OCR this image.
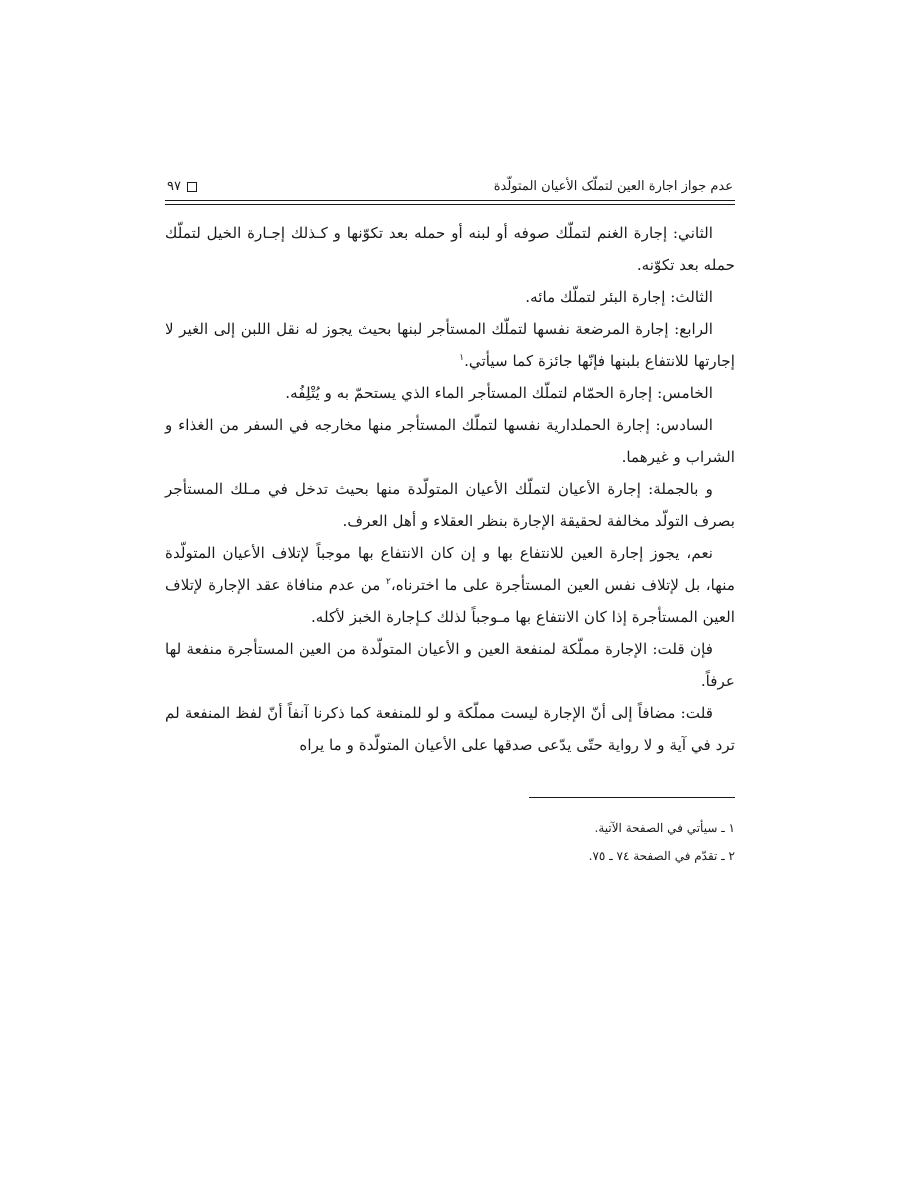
عدم جواز اجارة العين لتملّک الأعيان المتولّدة
٩٧

الثاني: إجارة الغنم لتملّك صوفه أو لبنه أو حمله بعد تكوّنها و كـذلك إجـارة الخيل لتملّك حمله بعد تكوّنه.

الثالث: إجارة البئر لتملّك مائه.

الرابع: إجارة المرضعة نفسها لتملّك المستأجر لبنها بحيث يجوز له نقل اللبن إلى الغير لا إجارتها للانتفاع بلبنها فإنّها جائزة كما سيأتي.$^١$

الخامس: إجارة الحمّام لتملّك المستأجر الماء الذي يستحمّ به و يُتْلِفُه.

السادس: إجارة الحملدارية نفسها لتملّك المستأجر منها مخارجه في السفر من الغذاء و الشراب و غيرهما.

و بالجملة: إجارة الأعيان لتملّك الأعيان المتولّدة منها بحيث تدخل في مـلك المستأجر بصرف التولّد مخالفة لحقيقة الإجارة بنظر العقلاء و أهل العرف.

نعم، يجوز إجارة العين للانتفاع بها و إن كان الانتفاع بها موجباً لإتلاف الأعيان المتولّدة منها، بل لإتلاف نفس العين المستأجرة على ما اخترناه،$^٢$ من عدم منافاة عقد الإجارة لإتلاف العين المستأجرة إذا كان الانتفاع بها مـوجباً لذلك كـإجارة الخبز لأكله.

فإن قلت: الإجارة مملّكة لمنفعة العين و الأعيان المتولّدة من العين المستأجرة منفعة لها عرفاً.

قلت: مضافاً إلى أنّ الإجارة ليست مملّكة و لو للمنفعة كما ذكرنا آنفاً أنّ لفظ المنفعة لم ترد في آية و لا رواية حتّى يدّعى صدقها على الأعيان المتولّدة و ما يراه

١ ـ سيأتي في الصفحة الآتية.
٢ ـ تقدّم في الصفحة ٧٤ ـ ٧٥.
